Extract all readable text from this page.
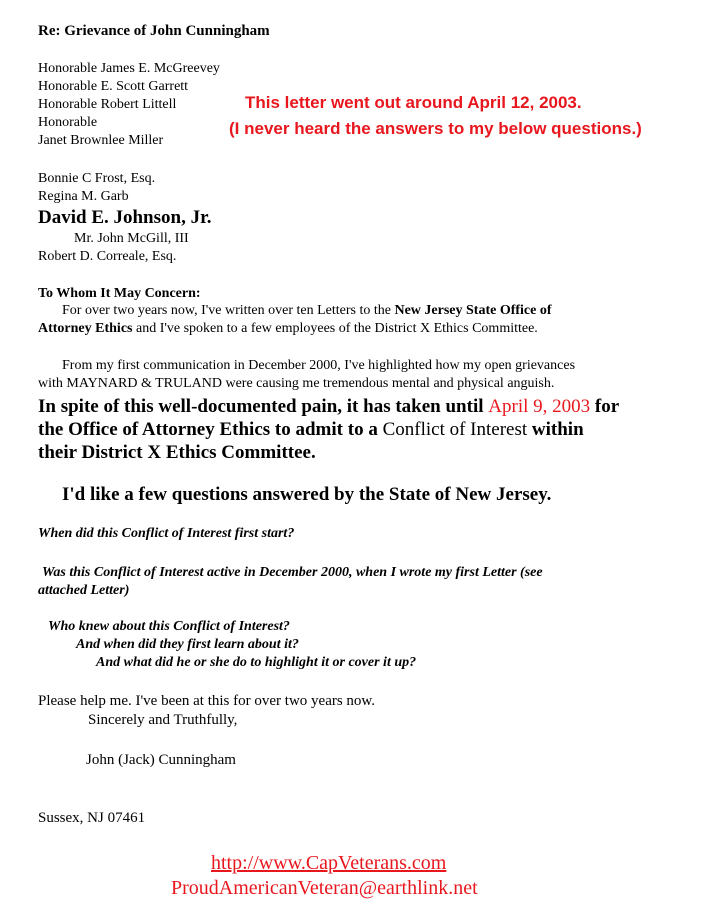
Re: Grievance of John Cunningham
Honorable James E. McGreevey
Honorable E. Scott Garrett
Honorable Robert Littell
Honorable
Janet Brownlee Miller
This letter went out around April 12, 2003.
(I never heard the answers to my below questions.)
Bonnie C Frost, Esq.
Regina M. Garb
David E. Johnson, Jr.
Mr. John McGill, III
Robert D. Correale, Esq.
To Whom It May Concern:
For over two years now, I've written over ten Letters to the New Jersey State Office of
Attorney Ethics and I've spoken to a few employees of the District X Ethics Committee.
From my first communication in December 2000, I've highlighted how my open grievances
with MAYNARD & TRULAND were causing me tremendous mental and physical anguish.
In spite of this well-documented pain, it has taken until April 9, 2003 for
the Office of Attorney Ethics to admit to a Conflict of Interest within
their District X Ethics Committee.
I'd like a few questions answered by the State of New Jersey.
When did this Conflict of Interest first start?
Was this Conflict of Interest active in December 2000, when I wrote my first Letter (see
attached Letter)
Who knew about this Conflict of Interest?
And when did they first learn about it?
And what did he or she do to highlight it or cover it up?
Please help me. I've been at this for over two years now.
Sincerely and Truthfully,
John (Jack) Cunningham
Sussex, NJ 07461
http://www.CapVeterans.com
ProudAmericanVeteran@earthlink.net
